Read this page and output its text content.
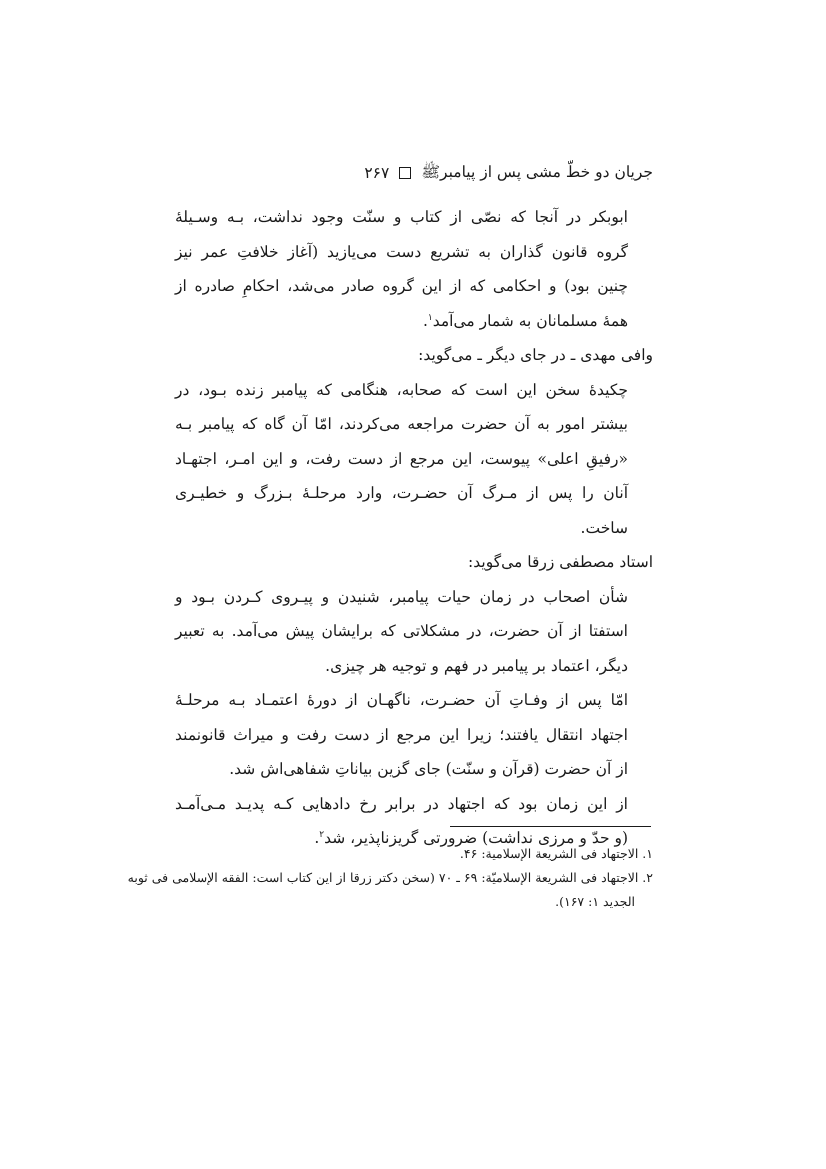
جریان دو خطّ مشی پس از پیامبرﷺ
۲۶۷
ابوبکر در آنجا که نصّی از کتاب و سنّت وجود نداشت، بـه وسـیلهٔ
گروه قانون گذاران به تشریع دست می‌یازید (آغاز خلافتِ عمر نیز
چنین بود) و احکامی که از این گروه صادر می‌شد، احکامِ صادره از
همهٔ مسلمانان به شمار می‌آمد$^۱$.
وافی مهدی ـ در جای دیگر ـ می‌گوید:
چکیدهٔ سخن این است که صحابه، هنگامی که پیامبر زنده بـود، در
بیشتر امور به آن حضرت مراجعه می‌کردند، امّا آن گاه که پیامبر بـه
«رفیقِ اعلی» پیوست، این مرجع از دست رفت، و این امـر، اجتهـاد
آنان را پس از مـرگ آن حضـرت، وارد مرحلـهٔ بـزرگ و خطیـری
ساخت.
استاد مصطفی زرقا می‌گوید:
شأن اصحاب در زمان حیات پیامبر، شنیدن و پیـروی کـردن بـود و
استفتا از آن حضرت، در مشکلاتی که برایشان پیش می‌آمد. به تعبیر
دیگر، اعتماد بر پیامبر در فهم و توجیه هر چیزی.
امّا پس از وفـاتِ آن حضـرت، ناگهـان از دورهٔ اعتمـاد بـه مرحلـهٔ
اجتهاد انتقال یافتند؛ زیرا این مرجع از دست رفت و میراث قانونمند
از آن حضرت (قرآن و سنّت) جای گزین بیاناتِ شفاهی‌اش شد.
از این زمان بود که اجتهاد در برابر رخ دادهایی کـه پدیـد مـی‌آمـد
(و حدّ و مرزی نداشت) ضرورتی گریزناپذیر، شد$^۲$.
۱. الاجتهاد فی الشریعة الإسلامیة: ۴۶.
۲. الاجتهاد فی الشریعة الإسلامیّة: ۶۹ ـ ۷۰ (سخن دکتر زرقا از این کتاب است: الفقه الإسلامی فی ثوبه
الجدید ۱: ۱۶۷).
